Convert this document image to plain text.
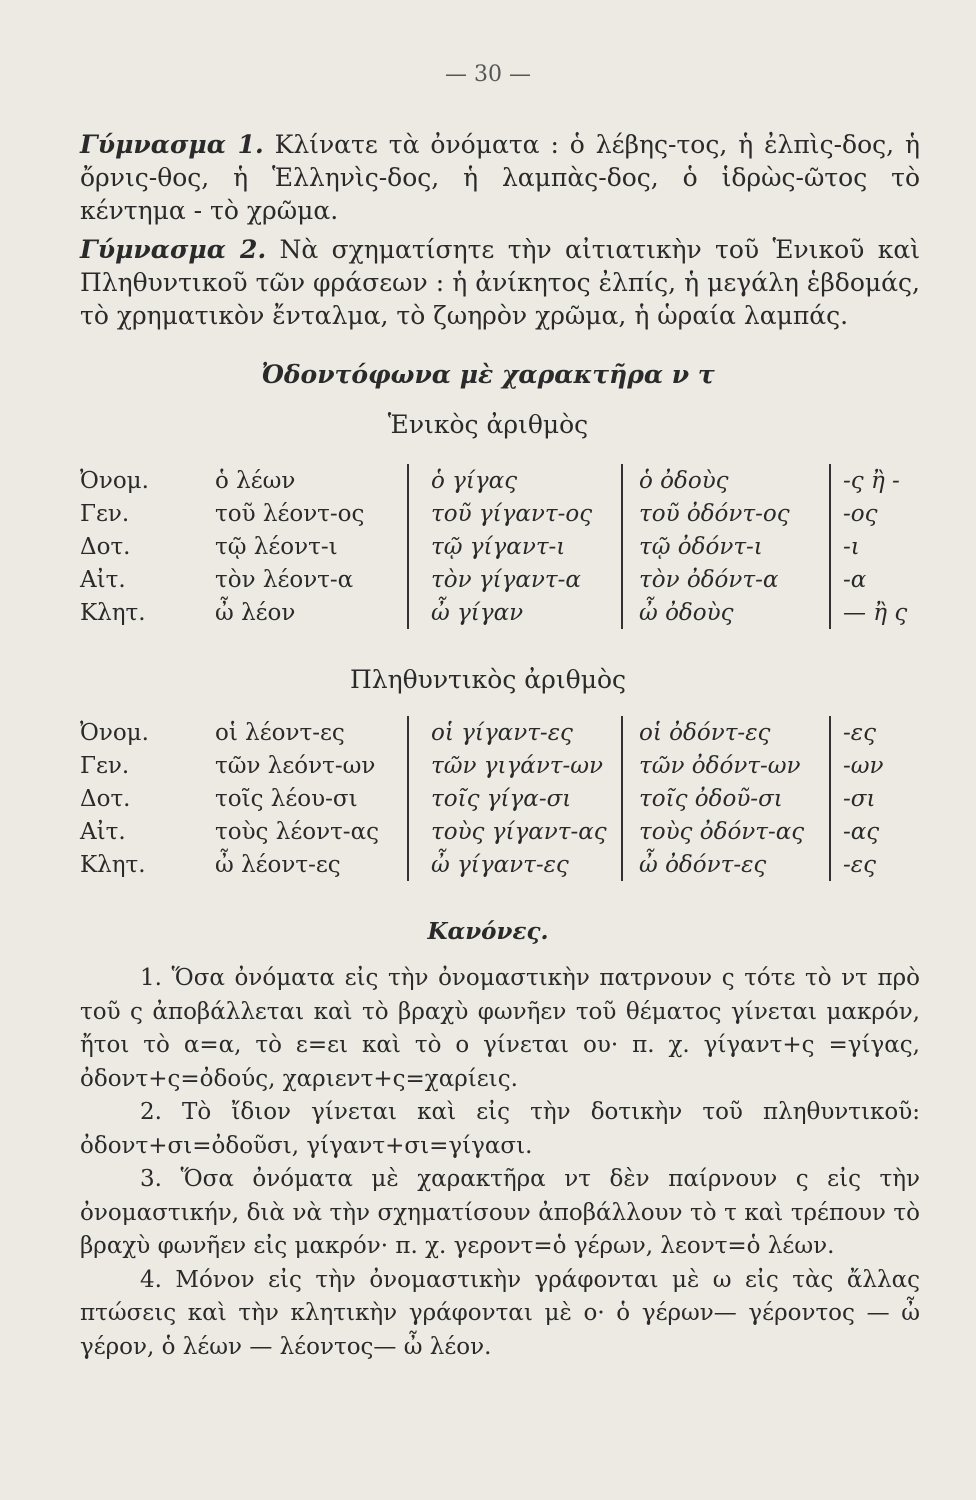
— 30 —

Γύμνασμα 1. Κλίνατε τὰ ὀνόματα : ὁ λέβης-τος, ἡ ἐλπὶς-δος, ἡ ὄρνις-θος, ἡ Ἑλληνὶς-δος, ἡ λαμπὰς-δος, ὁ ἱδρὼς-ῶτος τὸ κέντημα - τὸ χρῶμα.

Γύμνασμα 2. Νὰ σχηματίσητε τὴν αἰτιατικὴν τοῦ Ἑνικοῦ καὶ Πληθυντικοῦ τῶν φράσεων : ἡ ἀνίκητος ἐλπίς, ἡ μεγάλη ἑβδομάς, τὸ χρηματικὸν ἔνταλμα, τὸ ζωηρὸν χρῶμα, ἡ ὡραία λαμπάς.

Ὀδοντόφωνα μὲ χαρακτῆρα ν τ
Ἑνικὸς ἀριθμὸς
Ὀνομ.	ὁ λέων	ὁ γίγας	ὁ ὀδοὺς	-ς ἢ -
Γεν.	τοῦ λέοντ-ος	τοῦ γίγαντ-ος	τοῦ ὀδόντ-ος	-ος
Δοτ.	τῷ λέοντ-ι	τῷ γίγαντ-ι	τῷ ὀδόντ-ι	-ι
Αἰτ.	τὸν λέοντ-α	τὸν γίγαντ-α	τὸν ὀδόντ-α	-α
Κλητ.	ὦ λέον	ὦ γίγαν	ὦ ὀδοὺς	— ἢ ς
Πληθυντικὸς ἀριθμὸς
Ὀνομ.	οἱ λέοντ-ες	οἱ γίγαντ-ες	οἱ ὀδόντ-ες	-ες
Γεν.	τῶν λεόντ-ων	τῶν γιγάντ-ων	τῶν ὀδόντ-ων	-ων
Δοτ.	τοῖς λέου-σι	τοῖς γίγα-σι	τοῖς ὀδοῦ-σι	-σι
Αἰτ.	τοὺς λέοντ-ας	τοὺς γίγαντ-ας	τοὺς ὀδόντ-ας	-ας
Κλητ.	ὦ λέοντ-ες	ὦ γίγαντ-ες	ὦ ὀδόντ-ες	-ες
Κανόνες.

1. Ὅσα ὀνόματα εἰς τὴν ὀνομαστικὴν πατρνουν ς τότε τὸ ντ πρὸ τοῦ ς ἀποβάλλεται καὶ τὸ βραχὺ φωνῆεν τοῦ θέματος γίνεται μακρόν, ἤτοι τὸ α=α, τὸ ε=ει καὶ τὸ ο γίνεται ου· π. χ. γίγαντ+ς =γίγας, ὀδοντ+ς=ὀδούς, χαριεντ+ς=χαρίεις.

2. Τὸ ἴδιον γίνεται καὶ εἰς τὴν δοτικὴν τοῦ πληθυντικοῦ: ὀδοντ+σι=ὀδοῦσι, γίγαντ+σι=γίγασι.

3. Ὅσα ὀνόματα μὲ χαρακτῆρα ντ δὲν παίρνουν ς εἰς τὴν ὀνομαστικήν, διὰ νὰ τὴν σχηματίσουν ἀποβάλλουν τὸ τ καὶ τρέπουν τὸ βραχὺ φωνῆεν εἰς μακρόν· π. χ. γεροντ=ὁ γέρων, λεοντ=ὁ λέων.

4. Μόνον εἰς τὴν ὀνομαστικὴν γράφονται μὲ ω εἰς τὰς ἄλλας πτώσεις καὶ τὴν κλητικὴν γράφονται μὲ ο· ὁ γέρων— γέροντος — ὦ γέρον, ὁ λέων — λέοντος— ὦ λέον.
